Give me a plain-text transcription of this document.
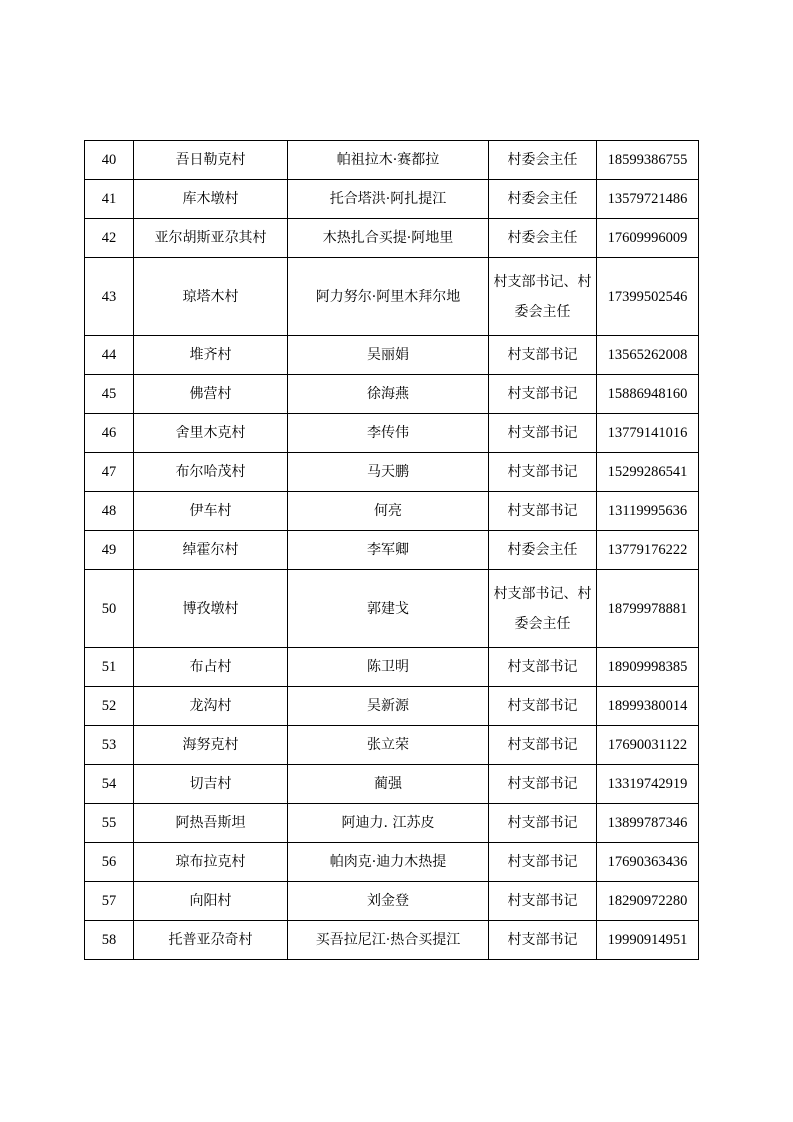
40	吾日勒克村	帕祖拉木·赛都拉	村委会主任	18599386755
41	库木墩村	托合塔洪·阿扎提江	村委会主任	13579721486
42	亚尔胡斯亚尕其村	木热扎合买提·阿地里	村委会主任	17609996009
43	琼塔木村	阿力努尔·阿里木拜尔地	村支部书记、村委会主任	17399502546
44	堆齐村	吴丽娟	村支部书记	13565262008
45	佛营村	徐海燕	村支部书记	15886948160
46	舍里木克村	李传伟	村支部书记	13779141016
47	布尔哈茂村	马天鹏	村支部书记	15299286541
48	伊车村	何亮	村支部书记	13119995636
49	绰霍尔村	李军卿	村委会主任	13779176222
50	博孜墩村	郭建戈	村支部书记、村委会主任	18799978881
51	布占村	陈卫明	村支部书记	18909998385
52	龙沟村	吴新源	村支部书记	18999380014
53	海努克村	张立荣	村支部书记	17690031122
54	切吉村	蔺强	村支部书记	13319742919
55	阿热吾斯坦	阿迪力. 江苏皮	村支部书记	13899787346
56	琼布拉克村	帕肉克·迪力木热提	村支部书记	17690363436
57	向阳村	刘金登	村支部书记	18290972280
58	托普亚尕奇村	买吾拉尼江·热合买提江	村支部书记	19990914951
